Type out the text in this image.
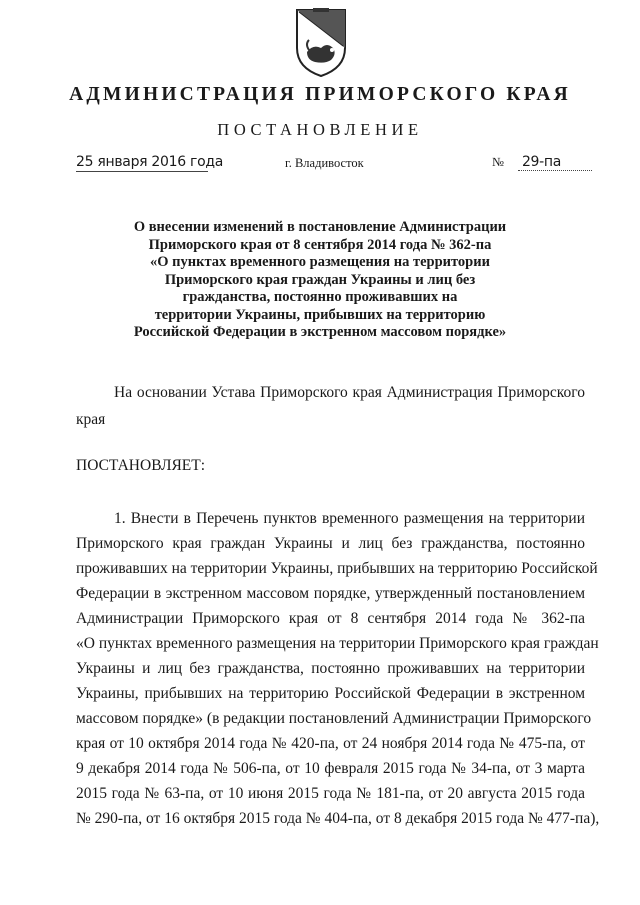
АДМИНИСТРАЦИЯ ПРИМОРСКОГО КРАЯ
ПОСТАНОВЛЕНИЕ
25 января 2016 года	г. Владивосток	№ 29-па
О внесении изменений в постановление Администрации
Приморского края от 8 сентября 2014 года № 362-па
«О пунктах временного размещения на территории
Приморского края граждан Украины и лиц без
гражданства, постоянно проживавших на
территории Украины, прибывших на территорию
Российской Федерации в экстренном массовом порядке»
На основании Устава Приморского края Администрация Приморского
края
ПОСТАНОВЛЯЕТ:
1. Внести в Перечень пунктов временного размещения на территории
Приморского края граждан Украины и лиц без гражданства, постоянно
проживавших на территории Украины, прибывших на территорию Российской
Федерации в экстренном массовом порядке, утвержденный постановлением
Администрации Приморского края от 8 сентября 2014 года № 362-па
«О пунктах временного размещения на территории Приморского края граждан
Украины и лиц без гражданства, постоянно проживавших на территории
Украины, прибывших на территорию Российской Федерации в экстренном
массовом порядке» (в редакции постановлений Администрации Приморского
края от 10 октября 2014 года № 420-па, от 24 ноября 2014 года № 475-па, от
9 декабря 2014 года № 506-па, от 10 февраля 2015 года № 34-па, от 3 марта
2015 года № 63-па, от 10 июня 2015 года № 181-па, от 20 августа 2015 года
№ 290-па, от 16 октября 2015 года № 404-па, от 8 декабря 2015 года № 477-па),
